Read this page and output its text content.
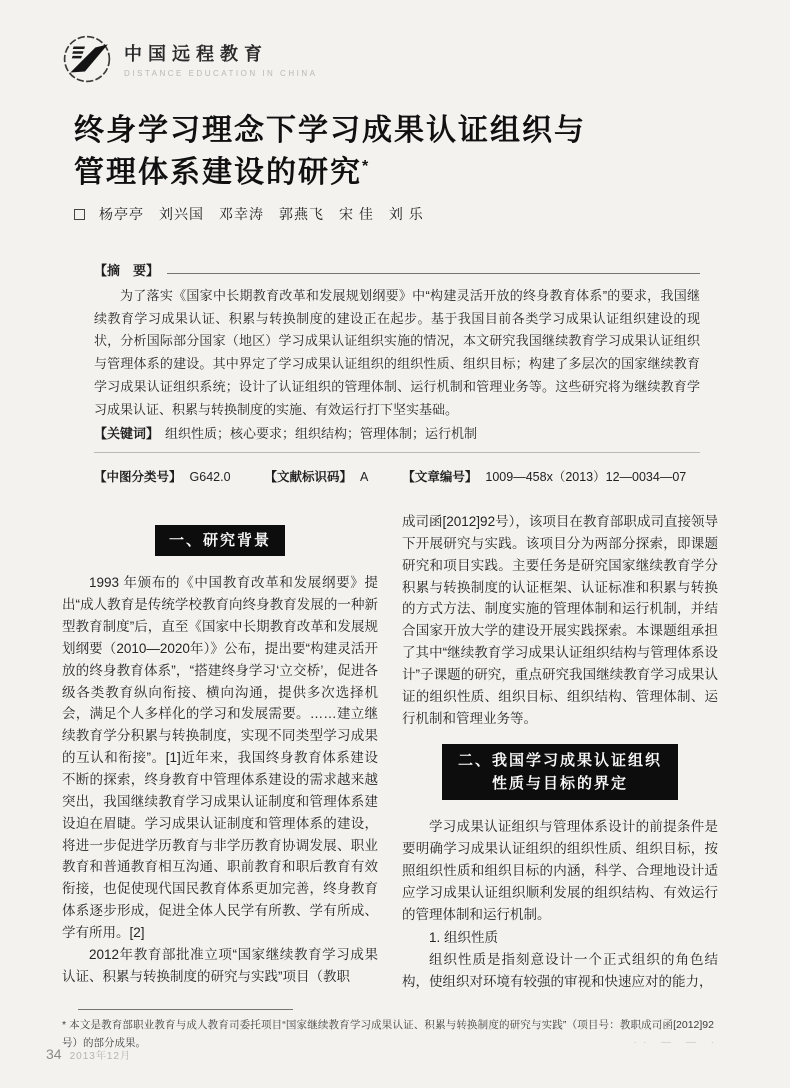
中国远程教育
DISTANCE EDUCATION IN CHINA
终身学习理念下学习成果认证组织与
管理体系建设的研究*
杨亭亭　刘兴国　邓幸涛　郭燕飞　宋 佳　刘 乐
【摘　要】

为了落实《国家中长期教育改革和发展规划纲要》中“构建灵活开放的终身教育体系”的要求，我国继续教育学习成果认证、积累与转换制度的建设正在起步。基于我国目前各类学习成果认证组织建设的现状，分析国际部分国家（地区）学习成果认证组织实施的情况，本文研究我国继续教育学习成果认证组织与管理体系的建设。其中界定了学习成果认证组织的组织性质、组织目标；构建了多层次的国家继续教育学习成果认证组织系统；设计了认证组织的管理体制、运行机制和管理业务等。这些研究将为继续教育学习成果认证、积累与转换制度的实施、有效运行打下坚实基础。

【关键词】 组织性质；核心要求；组织结构；管理体制；运行机制
【中图分类号】 G642.0	【文献标识码】 A	【文章编号】 1009—458x（2013）12—0034—07
一、研究背景

1993 年颁布的《中国教育改革和发展纲要》提出“成人教育是传统学校教育向终身教育发展的一种新型教育制度”后，直至《国家中长期教育改革和发展规划纲要（2010—2020年）》公布，提出要“构建灵活开放的终身教育体系”，“搭建终身学习‘立交桥’，促进各级各类教育纵向衔接、横向沟通，提供多次选择机会，满足个人多样化的学习和发展需要。……建立继续教育学分积累与转换制度，实现不同类型学习成果的互认和衔接”。[1]近年来，我国终身教育体系建设不断的探索，终身教育中管理体系建设的需求越来越突出，我国继续教育学习成果认证制度和管理体系建设迫在眉睫。学习成果认证制度和管理体系的建设，将进一步促进学历教育与非学历教育协调发展、职业教育和普通教育相互沟通、职前教育和职后教育有效衔接，也促使现代国民教育体系更加完善，终身教育体系逐步形成，促进全体人民学有所教、学有所成、学有所用。[2]

2012年教育部批准立项“国家继续教育学习成果认证、积累与转换制度的研究与实践”项目（教职

成司函[2012]92号），该项目在教育部职成司直接领导下开展研究与实践。该项目分为两部分探索，即课题研究和项目实践。主要任务是研究国家继续教育学分积累与转换制度的认证框架、认证标准和积累与转换的方式方法、制度实施的管理体制和运行机制，并结合国家开放大学的建设开展实践探索。本课题组承担了其中“继续教育学习成果认证组织结构与管理体系设计”子课题的研究，重点研究我国继续教育学习成果认证的组织性质、组织目标、组织结构、管理体制、运行机制和管理业务等。

二、我国学习成果认证组织
性质与目标的界定

学习成果认证组织与管理体系设计的前提条件是要明确学习成果认证组织的组织性质、组织目标，按照组织性质和组织目标的内涵，科学、合理地设计适应学习成果认证组织顺利发展的组织结构、有效运行的管理体制和运行机制。

1. 组织性质

组织性质是指刻意设计一个正式组织的角色结构，使组织对环境有较强的审视和快速应对的能力，

* 本文是教育部职业教育与成人教育司委托项目“国家继续教育学习成果认证、积累与转换制度的研究与实践”（项目号：教职成司函[2012]92号）的部分成果。

34 2013年12月
·· — — ·
